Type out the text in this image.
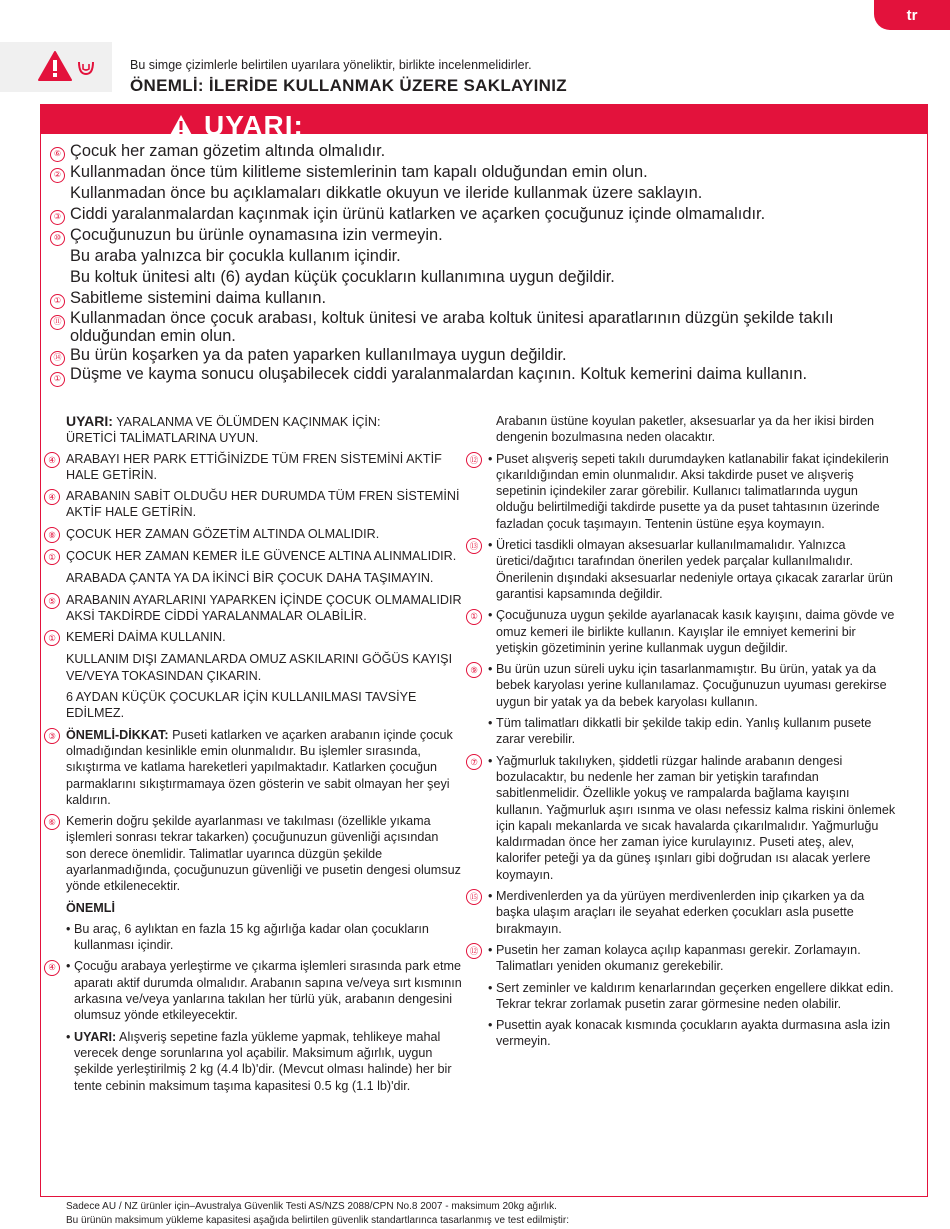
tr
Bu simge çizimlerle belirtilen uyarılara yöneliktir, birlikte incelenmelidirler.
ÖNEMLİ: İLERİDE KULLANMAK ÜZERE SAKLAYINIZ
UYARI:
⑥ Çocuk her zaman gözetim altında olmalıdır.
② Kullanmadan önce tüm kilitleme sistemlerinin tam kapalı olduğundan emin olun.
Kullanmadan önce bu açıklamaları dikkatle okuyun ve ileride kullanmak üzere saklayın.
③ Ciddi yaralanmalardan kaçınmak için ürünü katlarken ve açarken çocuğunuz içinde olmamalıdır.
⑩ Çocuğunuzun bu ürünle oynamasına izin vermeyin.
Bu araba yalnızca bir çocukla kullanım içindir.
Bu koltuk ünitesi altı (6) aydan küçük çocukların kullanımına uygun değildir.
① Sabitleme sistemini daima kullanın.
⑪ Kullanmadan önce çocuk arabası, koltuk ünitesi ve araba koltuk ünitesi aparatlarının düzgün şekilde takılı olduğundan emin olun.
⑭ Bu ürün koşarken ya da paten yaparken kullanılmaya uygun değildir.
① Düşme ve kayma sonucu oluşabilecek ciddi yaralanmalardan kaçının. Koltuk kemerini daima kullanın.
UYARI: YARALANMA VE ÖLÜMDEN KAÇINMAK İÇİN:
ÜRETİCİ TALİMATLARINA UYUN.
④ ARABAYI HER PARK ETTİĞİNİZDE TÜM FREN SİSTEMİNİ AKTİF HALE GETİRİN.
④ ARABANIN SABİT OLDUĞU HER DURUMDA TÜM FREN SİSTEMİNİ AKTİF HALE GETİRİN.
⑧ ÇOCUK HER ZAMAN GÖZETİM ALTINDA OLMALIDIR.
① ÇOCUK HER ZAMAN KEMER İLE GÜVENCE ALTINA ALINMALIDIR.
ARABADA ÇANTA YA DA İKİNCİ BİR ÇOCUK DAHA TAŞIMAYIN.
⑤ ARABANIN AYARLARINI YAPARKEN İÇİNDE ÇOCUK OLMAMALIDIR AKSİ TAKDİRDE CİDDİ YARALANMALAR OLABİLİR.
① KEMERİ DAİMA KULLANIN.
KULLANIM DIŞI ZAMANLARDA OMUZ ASKILARINI GÖĞÜS KAYIŞI VE/VEYA TOKASINDAN ÇIKARIN.
6 AYDAN KÜÇÜK ÇOCUKLAR İÇİN KULLANILMASI TAVSİYE EDİLMEZ.
③ ÖNEMLİ-DİKKAT: Puseti katlarken ve açarken arabanın içinde çocuk olmadığından kesinlikle emin olunmalıdır. Bu işlemler sırasında, sıkıştırma ve katlama hareketleri yapılmaktadır. Katlarken çocuğun parmaklarını sıkıştırmamaya özen gösterin ve sabit olmayan her şeyi kaldırın.
⑥ Kemerin doğru şekilde ayarlanması ve takılması (özellikle yıkama işlemleri sonrası tekrar takarken) çocuğunuzun güvenliği açısından son derece önemlidir. Talimatlar uyarınca düzgün şekilde ayarlanmadığında, çocuğunuzun güvenliği ve pusetin dengesi olumsuz yönde etkilenecektir.
ÖNEMLİ
• Bu araç, 6 aylıktan en fazla 15 kg ağırlığa kadar olan çocukların kullanması içindir.
④ • Çocuğu arabaya yerleştirme ve çıkarma işlemleri sırasında park etme aparatı aktif durumda olmalıdır. Arabanın sapına ve/veya sırt kısmının arkasına ve/veya yanlarına takılan her türlü yük, arabanın dengesini olumsuz yönde etkileyecektir.
• UYARI: Alışveriş sepetine fazla yükleme yapmak, tehlikeye mahal verecek denge sorunlarına yol açabilir. Maksimum ağırlık, uygun şekilde yerleştirilmiş 2 kg (4.4 lb)'dir. (Mevcut olması halinde) her bir tente cebinin maksimum taşıma kapasitesi 0.5 kg (1.1 lb)'dir.
Arabanın üstüne koyulan paketler, aksesuarlar ya da her ikisi birden dengenin bozulmasına neden olacaktır.
⑫ • Puset alışveriş sepeti takılı durumdayken katlanabilir fakat içindekilerin çıkarıldığından emin olunmalıdır. Aksi takdirde puset ve alışveriş sepetinin içindekiler zarar görebilir. Kullanıcı talimatlarında uygun olduğu belirtilmediği takdirde pusette ya da puset tahtasının üzerinde fazladan çocuk taşımayın. Tentenin üstüne eşya koymayın.
⑬ • Üretici tasdikli olmayan aksesuarlar kullanılmamalıdır. Yalnızca üretici/dağıtıcı tarafından önerilen yedek parçalar kullanılmalıdır. Önerilenin dışındaki aksesuarlar nedeniyle ortaya çıkacak zararlar ürün garantisi kapsamında değildir.
① • Çocuğunuza uygun şekilde ayarlanacak kasık kayışını, daima gövde ve omuz kemeri ile birlikte kullanın. Kayışlar ile emniyet kemerini bir yetişkin gözetiminin yerine kullanmak uygun değildir.
⑨ • Bu ürün uzun süreli uyku için tasarlanmamıştır. Bu ürün, yatak ya da bebek karyolası yerine kullanılamaz. Çocuğunuzun uyuması gerekirse uygun bir yatak ya da bebek karyolası kullanın.
• Tüm talimatları dikkatli bir şekilde takip edin. Yanlış kullanım pusete zarar verebilir.
⑦ • Yağmurluk takılıyken, şiddetli rüzgar halinde arabanın dengesi bozulacaktır, bu nedenle her zaman bir yetişkin tarafından sabitlenmelidir. Özellikle yokuş ve rampalarda bağlama kayışını kullanın. Yağmurluk aşırı ısınma ve olası nefessiz kalma riskini önlemek için kapalı mekanlarda ve sıcak havalarda çıkarılmalıdır. Yağmurluğu kaldırmadan önce her zaman iyice kurulayınız. Puseti ateş, alev, kalorifer peteği ya da güneş ışınları gibi doğrudan ısı alacak yerlere koymayın.
⑮ • Merdivenlerden ya da yürüyen merdivenlerden inip çıkarken ya da başka ulaşım araçları ile seyahat ederken çocukları asla pusette bırakmayın.
⑫ • Pusetin her zaman kolayca açılıp kapanması gerekir. Zorlamayın. Talimatları yeniden okumanız gerekebilir.
• Sert zeminler ve kaldırım kenarlarından geçerken engellere dikkat edin. Tekrar tekrar zorlamak pusetin zarar görmesine neden olabilir.
• Pusettin ayak konacak kısmında çocukların ayakta durmasına asla izin vermeyin.
Sadece AU / NZ ürünler için–Avustralya Güvenlik Testi AS/NZS 2088/CPN No.8 2007 - maksimum 20kg ağırlık.
Bu ürünün maksimum yükleme kapasitesi aşağıda belirtilen güvenlik standartlarınca tasarlanmış ve test edilmiştir:
